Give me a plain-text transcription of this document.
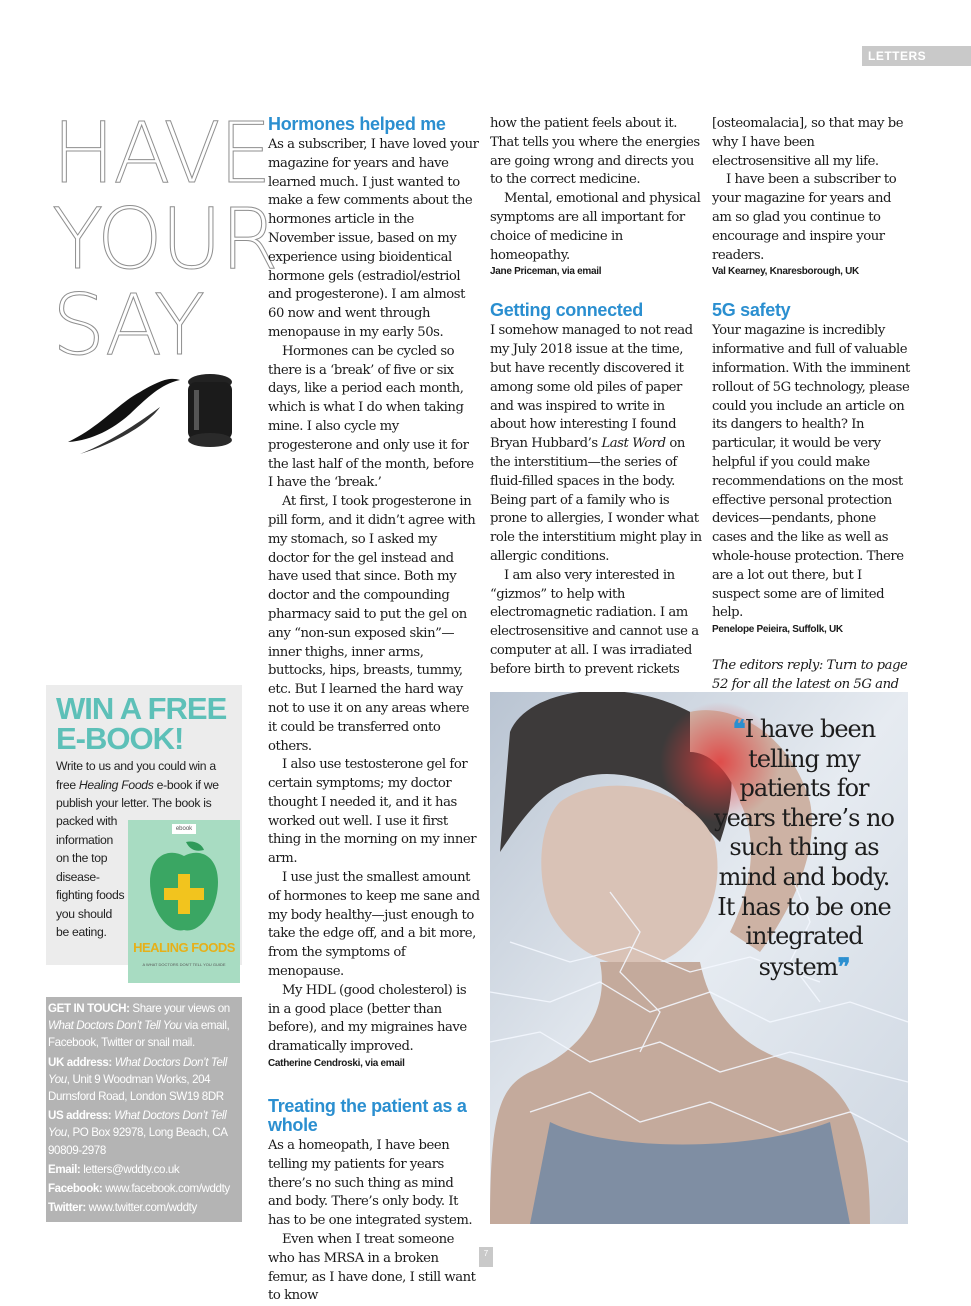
LETTERS
HAVE
YOUR
SAY
Hormones helped me

As a subscriber, I have loved your magazine for years and have learned much. I just wanted to make a few comments about the hormones article in the November issue, based on my experience using bioidentical hormone gels (estradiol/estriol and progesterone). I am almost 60 now and went through menopause in my early 50s.

Hormones can be cycled so there is a ‘break’ of five or six days, like a period each month, which is what I do when taking mine. I also cycle my progesterone and only use it for the last half of the month, before I have the ‘break.’

At first, I took progesterone in pill form, and it didn’t agree with my stomach, so I asked my doctor for the gel instead and have used that since. Both my doctor and the compounding pharmacy said to put the gel on any “non-sun exposed skin”—inner thighs, inner arms, buttocks, hips, breasts, tummy, etc. But I learned the hard way not to use it on any areas where it could be transferred onto others.

I also use testosterone gel for certain symptoms; my doctor thought I needed it, and it has worked out well. I use it first thing in the morning on my inner arm.

I use just the smallest amount of hormones to keep me sane and my body healthy—just enough to take the edge off, and a bit more, from the symptoms of menopause.

My HDL (good cholesterol) is in a good place (better than before), and my migraines have dramatically improved.

Catherine Cendroski, via email
Treating the patient as a whole

As a homeopath, I have been telling my patients for years there’s no such thing as mind and body. There’s only body. It has to be one integrated system.

Even when I treat someone who has MRSA in a broken femur, as I have done, I still want to know

how the patient feels about it. That tells you where the energies are going wrong and directs you to the correct medicine.

Mental, emotional and physical symptoms are all important for choice of medicine in homeopathy.

Jane Priceman, via email
Getting connected

I somehow managed to not read my July 2018 issue at the time, but have recently discovered it among some old piles of paper and was inspired to write in about how interesting I found Bryan Hubbard’s Last Word on the interstitium—the series of fluid-filled spaces in the body. Being part of a family who is prone to allergies, I wonder what role the interstitium might play in allergic conditions.

I am also very interested in “gizmos” to help with electromagnetic radiation. I am electrosensitive and cannot use a computer at all. I was irradiated before birth to prevent rickets

[osteomalacia], so that may be why I have been electrosensitive all my life.

I have been a subscriber to your magazine for years and am so glad you continue to encourage and inspire your readers.

Val Kearney, Knaresborough, UK
5G safety

Your magazine is incredibly informative and full of valuable information. With the imminent rollout of 5G technology, please could you include an article on its dangers to health? In particular, it would be very helpful if you could make recommendations on the most effective personal protection devices—pendants, phone cases and the like as well as whole-house protection. There are a lot out there, but I suspect some are of limited help.

Penelope Peieira, Suffolk, UK

The editors reply: Turn to page 52 for all the latest on 5G and

WIN A FREE
E-BOOK!
Write to us and you could win a free Healing Foods e-book if we publish your letter. The book is
packed with information on the top disease-fighting foods you should be eating.
ebook
HEALING FOODS
A WHAT DOCTORS DON'T TELL YOU GUIDE

GET IN TOUCH: Share your views on What Doctors Don’t Tell You via email, Facebook, Twitter or snail mail.

UK address: What Doctors Don’t Tell You, Unit 9 Woodman Works, 204 Durnsford Road, London SW19 8DR

US address: What Doctors Don’t Tell You, PO Box 92978, Long Beach, CA 90809-2978

Email: letters@wddty.co.uk

Facebook: www.facebook.com/wddty

Twitter: www.twitter.com/wddty

❝I have been telling my patients for years there’s no such thing as mind and body. It has to be one integrated system❞
7
